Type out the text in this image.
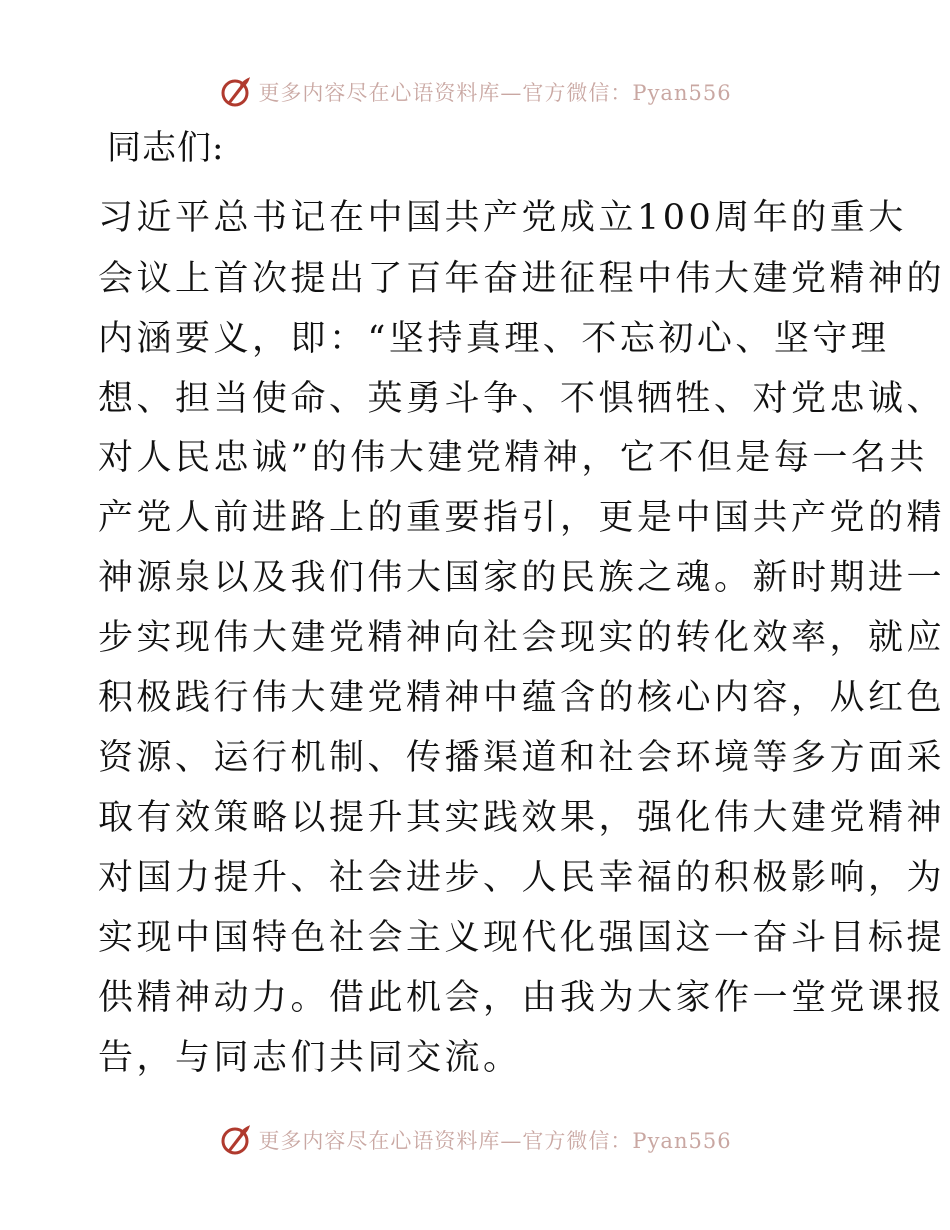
更多内容尽在心语资料库—官方微信：Pyan556
同志们:
习近平总书记在中国共产党成立100周年的重大
会议上首次提出了百年奋进征程中伟大建党精神的
内涵要义，即：“坚持真理、不忘初心、坚守理
想、担当使命、英勇斗争、不惧牺牲、对党忠诚、
对人民忠诚”的伟大建党精神，它不但是每一名共
产党人前进路上的重要指引，更是中国共产党的精
神源泉以及我们伟大国家的民族之魂。新时期进一
步实现伟大建党精神向社会现实的转化效率，就应
积极践行伟大建党精神中蕴含的核心内容，从红色
资源、运行机制、传播渠道和社会环境等多方面采
取有效策略以提升其实践效果，强化伟大建党精神
对国力提升、社会进步、人民幸福的积极影响，为
实现中国特色社会主义现代化强国这一奋斗目标提
供精神动力。借此机会，由我为大家作一堂党课报
告，与同志们共同交流。
更多内容尽在心语资料库—官方微信：Pyan556
